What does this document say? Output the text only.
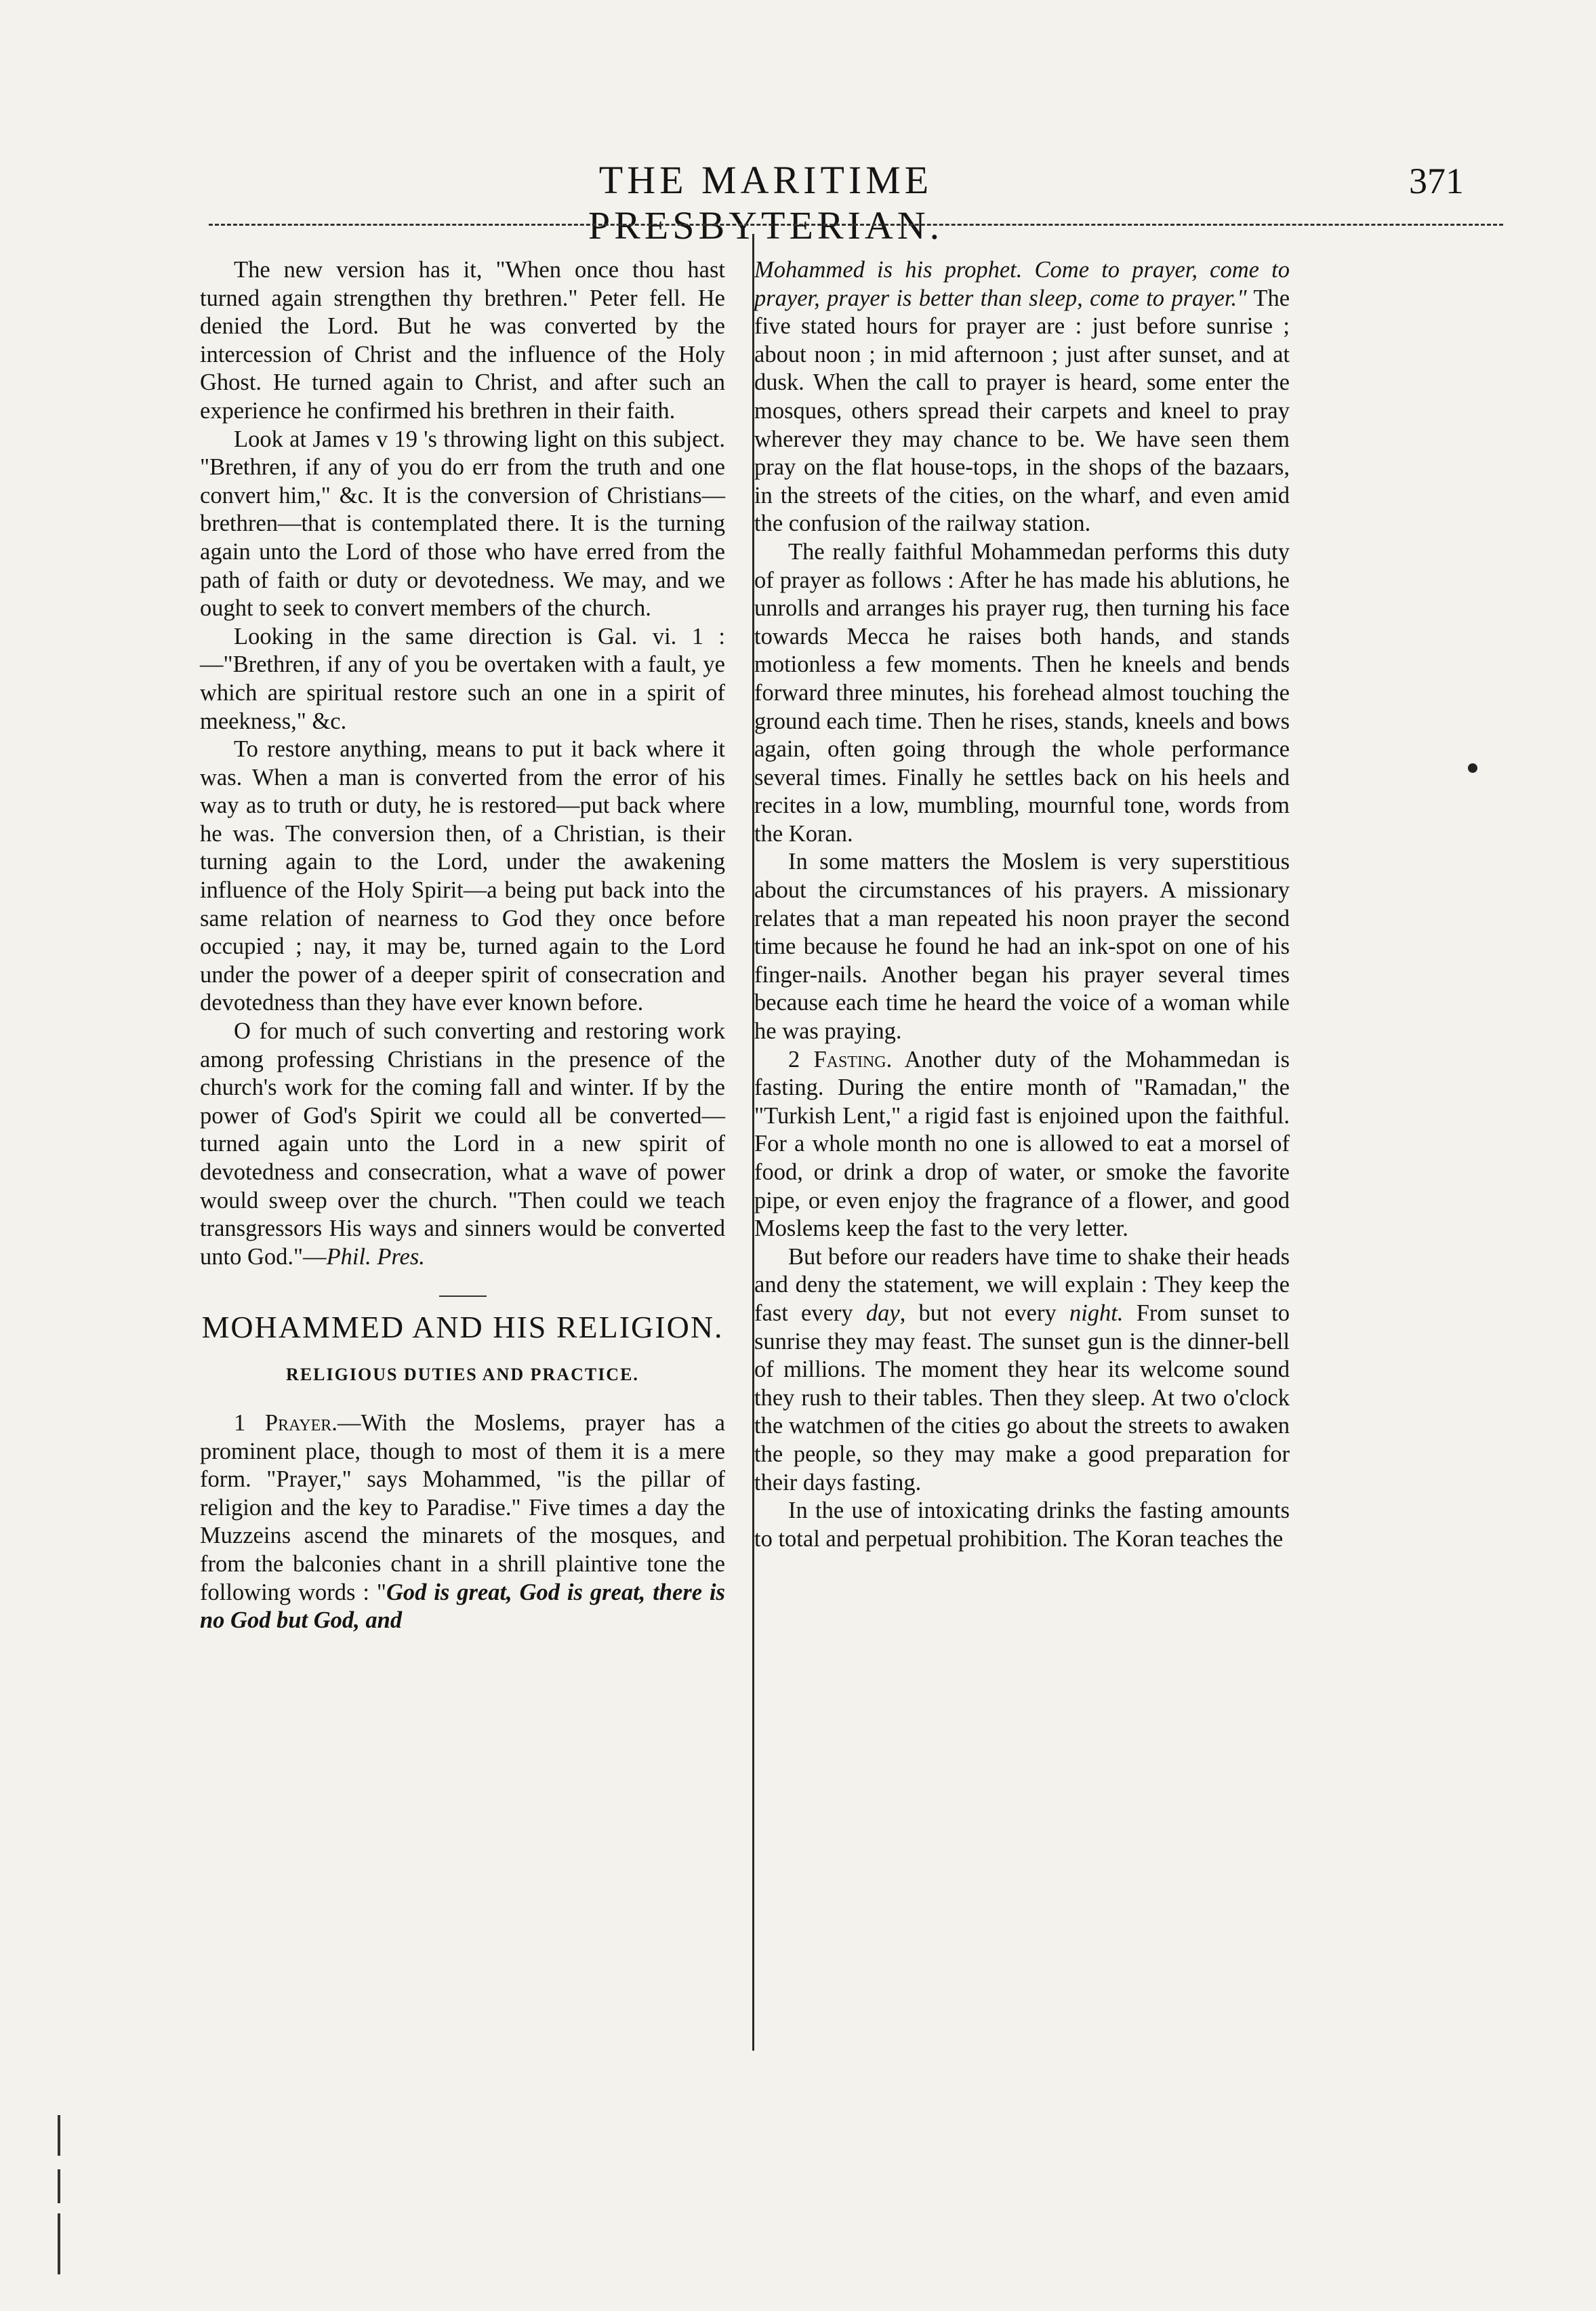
THE MARITIME PRESBYTERIAN.
371

The new version has it, "When once thou hast turned again strengthen thy brethren." Peter fell. He denied the Lord. But he was converted by the intercession of Christ and the influence of the Holy Ghost. He turned again to Christ, and after such an experience he confirmed his brethren in their faith.

Look at James v 19 's throwing light on this subject. "Brethren, if any of you do err from the truth and one convert him," &c. It is the conversion of Christians—brethren—that is contemplated there. It is the turning again unto the Lord of those who have erred from the path of faith or duty or devotedness. We may, and we ought to seek to convert members of the church.

Looking in the same direction is Gal. vi. 1 :—"Brethren, if any of you be overtaken with a fault, ye which are spiritual restore such an one in a spirit of meekness," &c.

To restore anything, means to put it back where it was. When a man is converted from the error of his way as to truth or duty, he is restored—put back where he was. The conversion then, of a Christian, is their turning again to the Lord, under the awakening influence of the Holy Spirit—a being put back into the same relation of nearness to God they once before occupied ; nay, it may be, turned again to the Lord under the power of a deeper spirit of consecration and devotedness than they have ever known before.

O for much of such converting and restoring work among professing Christians in the presence of the church's work for the coming fall and winter. If by the power of God's Spirit we could all be converted—turned again unto the Lord in a new spirit of devotedness and consecration, what a wave of power would sweep over the church. "Then could we teach transgressors His ways and sinners would be converted unto God."—Phil. Pres.

MOHAMMED AND HIS RELIGION.
RELIGIOUS DUTIES AND PRACTICE.

1 Prayer.—With the Moslems, prayer has a prominent place, though to most of them it is a mere form. "Prayer," says Mohammed, "is the pillar of religion and the key to Paradise." Five times a day the Muzzeins ascend the minarets of the mosques, and from the balconies chant in a shrill plaintive tone the following words : "God is great, God is great, there is no God but God, and

Mohammed is his prophet. Come to prayer, come to prayer, prayer is better than sleep, come to prayer." The five stated hours for prayer are : just before sunrise ; about noon ; in mid afternoon ; just after sunset, and at dusk. When the call to prayer is heard, some enter the mosques, others spread their carpets and kneel to pray wherever they may chance to be. We have seen them pray on the flat house-tops, in the shops of the bazaars, in the streets of the cities, on the wharf, and even amid the confusion of the railway station.

The really faithful Mohammedan performs this duty of prayer as follows : After he has made his ablutions, he unrolls and arranges his prayer rug, then turning his face towards Mecca he raises both hands, and stands motionless a few moments. Then he kneels and bends forward three minutes, his forehead almost touching the ground each time. Then he rises, stands, kneels and bows again, often going through the whole performance several times. Finally he settles back on his heels and recites in a low, mumbling, mournful tone, words from the Koran.

In some matters the Moslem is very superstitious about the circumstances of his prayers. A missionary relates that a man repeated his noon prayer the second time because he found he had an ink-spot on one of his finger-nails. Another began his prayer several times because each time he heard the voice of a woman while he was praying.

2 Fasting. Another duty of the Mohammedan is fasting. During the entire month of "Ramadan," the "Turkish Lent," a rigid fast is enjoined upon the faithful. For a whole month no one is allowed to eat a morsel of food, or drink a drop of water, or smoke the favorite pipe, or even enjoy the fragrance of a flower, and good Moslems keep the fast to the very letter.

But before our readers have time to shake their heads and deny the statement, we will explain : They keep the fast every day, but not every night. From sunset to sunrise they may feast. The sunset gun is the dinner-bell of millions. The moment they hear its welcome sound they rush to their tables. Then they sleep. At two o'clock the watchmen of the cities go about the streets to awaken the people, so they may make a good preparation for their days fasting.

In the use of intoxicating drinks the fasting amounts to total and perpetual prohibition. The Koran teaches the
